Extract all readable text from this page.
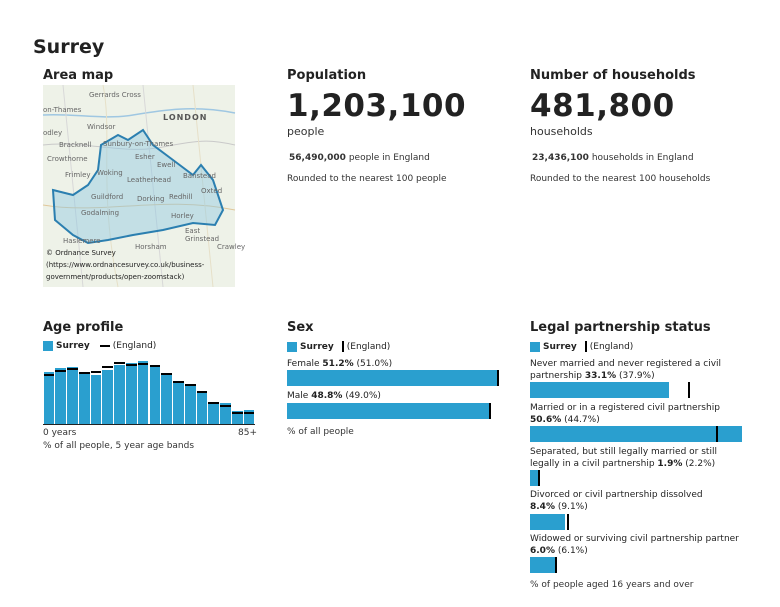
Surrey
Area map
Gerrards Cross
LONDON
Windsor
Bracknell Sunbury-on-Thames
Crowthorne	Esher
Ewell
Frimley Woking
Leatherhead Banstead
Oxted
Guildford Dorking Redhill
Godalming	Horley
East Grinstead
Haslemere
Horsham
on-Thames
odley
Crawley
© Ordnance Survey
(https://www.ordnancesurvey.co.uk/business-
government/products/open-zoomstack)
Population
1,203,100
people
56,490,000 people in England
Rounded to the nearest 100 people
Number of households
481,800
households
23,436,100 households in England
Rounded to the nearest 100 households
Age profile
Surrey	(England)
0 years	85+
% of all people, 5 year age bands
Sex
Surrey (England)
Female 51.2% (51.0%)
Male 48.8% (49.0%)
% of all people
Legal partnership status
Surrey (England)
Never married and never registered a civil
partnership 33.1% (37.9%)
Married or in a registered civil partnership
50.6% (44.7%)
Separated, but still legally married or still
legally in a civil partnership 1.9% (2.2%)
Divorced or civil partnership dissolved
8.4% (9.1%)
Widowed or surviving civil partnership partner
6.0% (6.1%)
% of people aged 16 years and over
